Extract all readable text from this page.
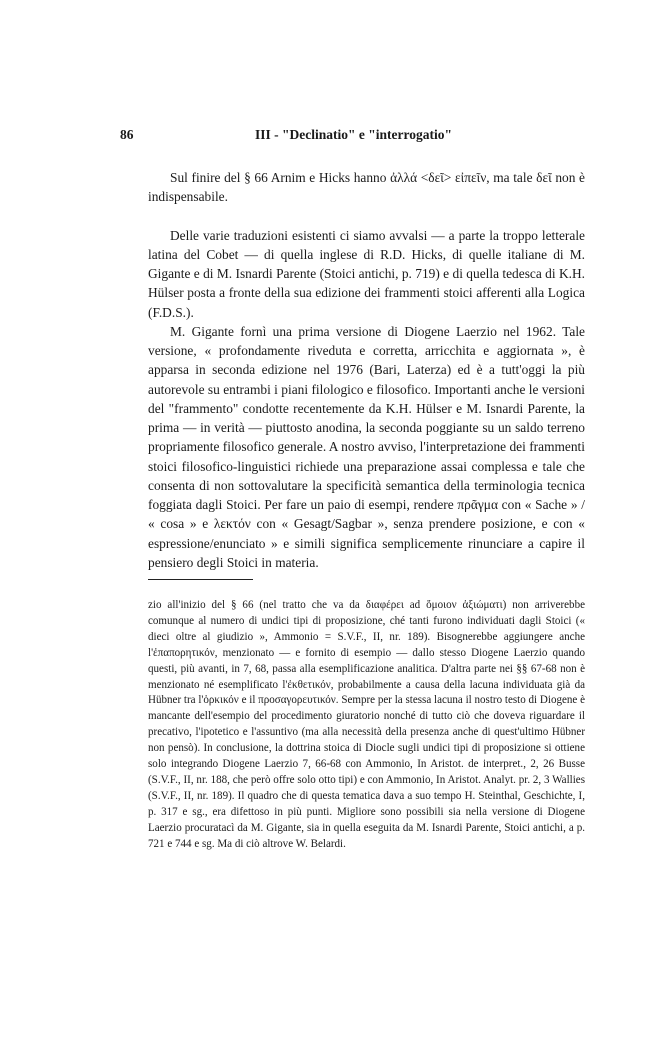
86	III - "Declinatio" e "interrogatio"

Sul finire del § 66 Arnim e Hicks hanno ἀλλά <δεῖ> εἰπεῖν, ma tale δεῖ non è indispensabile.

Delle varie traduzioni esistenti ci siamo avvalsi — a parte la troppo letterale latina del Cobet — di quella inglese di R.D. Hicks, di quelle italiane di M. Gigante e di M. Isnardi Parente (Stoici antichi, p. 719) e di quella tedesca di K.H. Hülser posta a fronte della sua edizione dei frammenti stoici afferenti alla Logica (F.D.S.).

M. Gigante fornì una prima versione di Diogene Laerzio nel 1962. Tale versione, « profondamente riveduta e corretta, arricchita e aggiornata », è apparsa in seconda edizione nel 1976 (Bari, Laterza) ed è a tutt'oggi la più autorevole su entrambi i piani filologico e filosofico. Importanti anche le versioni del "frammento" condotte recentemente da K.H. Hülser e M. Isnardi Parente, la prima — in verità — piuttosto anodina, la seconda poggiante su un saldo terreno propriamente filosofico generale. A nostro avviso, l'interpretazione dei frammenti stoici filosofico-linguistici richiede una preparazione assai complessa e tale che consenta di non sottovalutare la specificità semantica della terminologia tecnica foggiata dagli Stoici. Per fare un paio di esempi, rendere πρᾶγμα con « Sache » / « cosa » e λεκτόν con « Gesagt/Sagbar », senza prendere posizione, e con « espressione/enunciato » e simili significa semplicemente rinunciare a capire il pensiero degli Stoici in materia.

zio all'inizio del § 66 (nel tratto che va da διαφέρει ad ὅμοιον ἀξιώματι) non arriverebbe comunque al numero di undici tipi di proposizione, ché tanti furono individuati dagli Stoici (« dieci oltre al giudizio », Ammonio = S.V.F., II, nr. 189). Bisognerebbe aggiungere anche l'ἐπαπορητικόν, menzionato — e fornito di esempio — dallo stesso Diogene Laerzio quando questi, più avanti, in 7, 68, passa alla esemplificazione analitica. D'altra parte nei §§ 67-68 non è menzionato né esemplificato l'ἐκθετικόν, probabilmente a causa della lacuna individuata già da Hübner tra l'ὁρκικόν e il προσαγορευτικόν. Sempre per la stessa lacuna il nostro testo di Diogene è mancante dell'esempio del procedimento giuratorio nonché di tutto ciò che doveva riguardare il precativo, l'ipotetico e l'assuntivo (ma alla necessità della presenza anche di quest'ultimo Hübner non pensò). In conclusione, la dottrina stoica di Diocle sugli undici tipi di proposizione si ottiene solo integrando Diogene Laerzio 7, 66-68 con Ammonio, In Aristot. de interpret., 2, 26 Busse (S.V.F., II, nr. 188, che però offre solo otto tipi) e con Ammonio, In Aristot. Analyt. pr. 2, 3 Wallies (S.V.F., II, nr. 189). Il quadro che di questa tematica dava a suo tempo H. Steinthal, Geschichte, I, p. 317 e sg., era difettoso in più punti. Migliore sono possibili sia nella versione di Diogene Laerzio procuratacì da M. Gigante, sia in quella eseguita da M. Isnardi Parente, Stoici antichi, a p. 721 e 744 e sg. Ma di ciò altrove W. Belardi.
